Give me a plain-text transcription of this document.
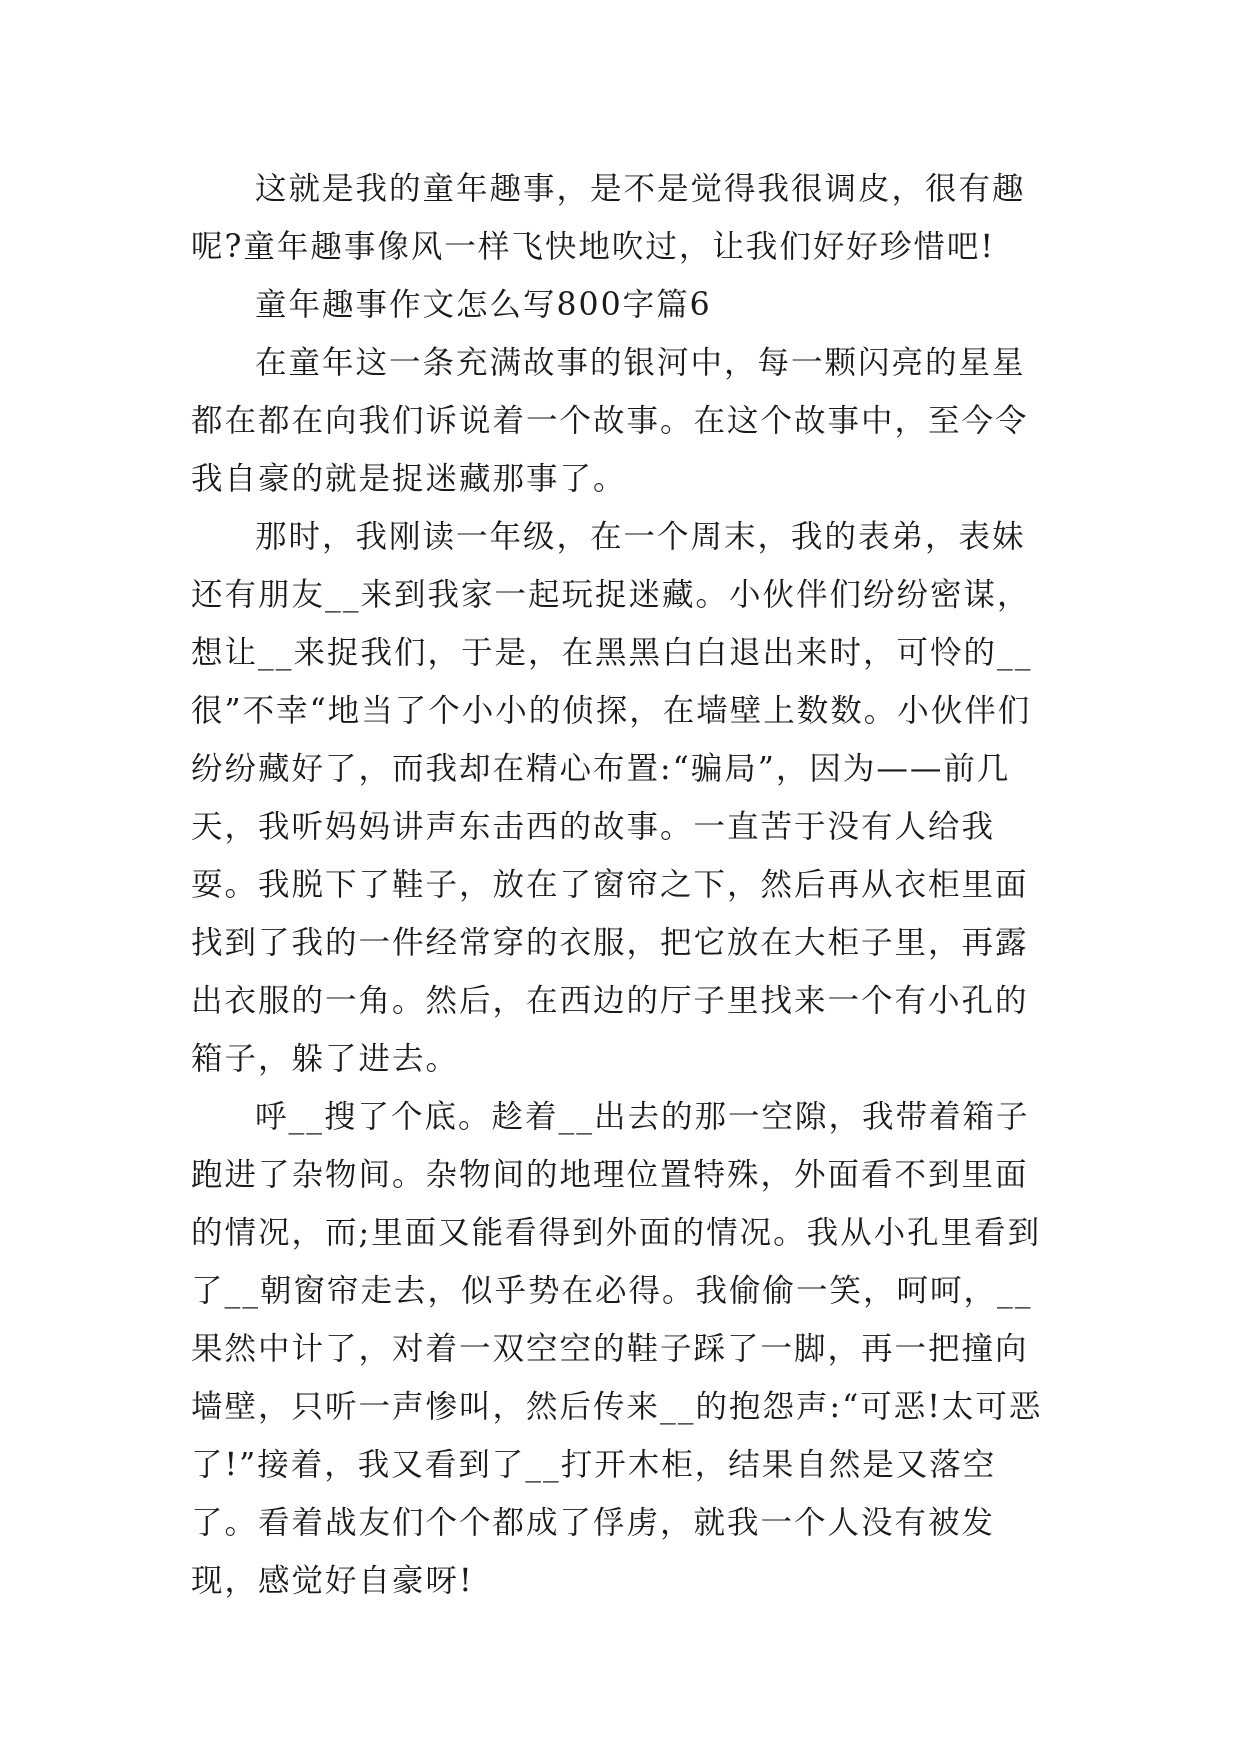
这就是我的童年趣事，是不是觉得我很调皮，很有趣呢?童年趣事像风一样飞快地吹过，让我们好好珍惜吧!

童年趣事作文怎么写800字篇6

在童年这一条充满故事的银河中，每一颗闪亮的星星都在都在向我们诉说着一个故事。在这个故事中，至今令我自豪的就是捉迷藏那事了。

那时，我刚读一年级，在一个周末，我的表弟，表妹还有朋友__来到我家一起玩捉迷藏。小伙伴们纷纷密谋，想让__来捉我们，于是，在黑黑白白退出来时，可怜的__很”不幸“地当了个小小的侦探，在墙壁上数数。小伙伴们纷纷藏好了，而我却在精心布置:“骗局”，因为——前几天，我听妈妈讲声东击西的故事。一直苦于没有人给我耍。我脱下了鞋子，放在了窗帘之下，然后再从衣柜里面找到了我的一件经常穿的衣服，把它放在大柜子里，再露出衣服的一角。然后，在西边的厅子里找来一个有小孔的箱子，躲了进去。

呼__搜了个底。趁着__出去的那一空隙，我带着箱子跑进了杂物间。杂物间的地理位置特殊，外面看不到里面的情况，而;里面又能看得到外面的情况。我从小孔里看到了__朝窗帘走去，似乎势在必得。我偷偷一笑，呵呵，__果然中计了，对着一双空空的鞋子踩了一脚，再一把撞向墙壁，只听一声惨叫，然后传来__的抱怨声:“可恶!太可恶了!”接着，我又看到了__打开木柜，结果自然是又落空了。看着战友们个个都成了俘虏，就我一个人没有被发现，感觉好自豪呀!
